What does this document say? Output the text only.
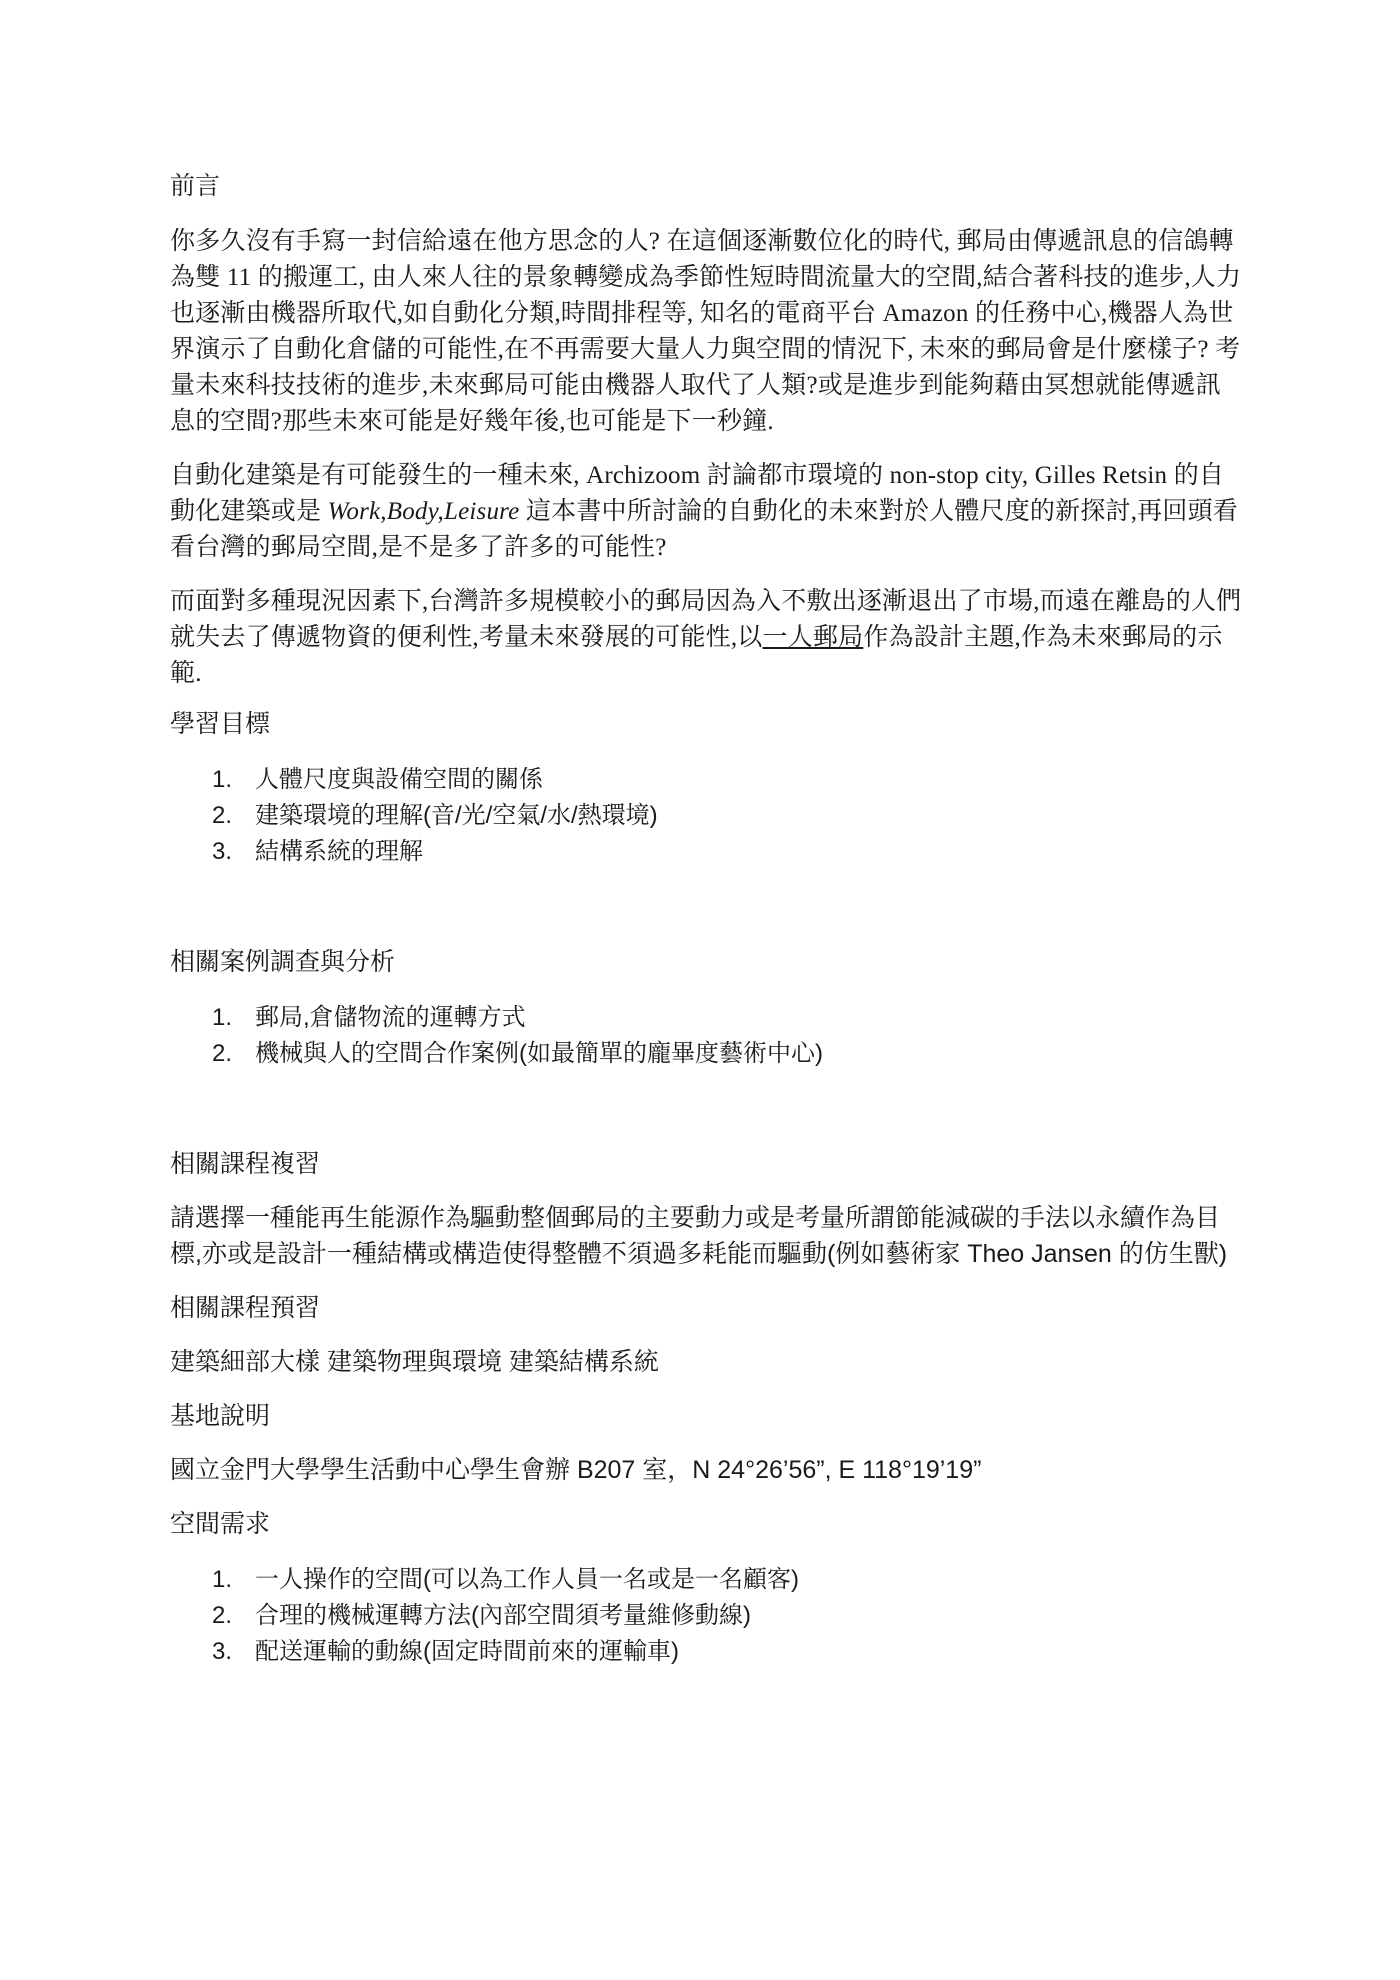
前言

你多久沒有手寫一封信給遠在他方思念的人? 在這個逐漸數位化的時代, 郵局由傳遞訊息的信鴿轉為雙 11 的搬運工, 由人來人往的景象轉變成為季節性短時間流量大的空間,結合著科技的進步,人力也逐漸由機器所取代,如自動化分類,時間排程等, 知名的電商平台 Amazon 的任務中心,機器人為世界演示了自動化倉儲的可能性,在不再需要大量人力與空間的情況下, 未來的郵局會是什麼樣子? 考量未來科技技術的進步,未來郵局可能由機器人取代了人類?或是進步到能夠藉由冥想就能傳遞訊息的空間?那些未來可能是好幾年後,也可能是下一秒鐘.

自動化建築是有可能發生的一種未來, Archizoom 討論都市環境的 non-stop city, Gilles Retsin 的自動化建築或是 Work,Body,Leisure 這本書中所討論的自動化的未來對於人體尺度的新探討,再回頭看看台灣的郵局空間,是不是多了許多的可能性?

而面對多種現況因素下,台灣許多規模較小的郵局因為入不敷出逐漸退出了市場,而遠在離島的人們就失去了傳遞物資的便利性,考量未來發展的可能性,以一人郵局作為設計主題,作為未來郵局的示範.

學習目標
1. 人體尺度與設備空間的關係
2. 建築環境的理解(音/光/空氣/水/熱環境)
3. 結構系統的理解
相關案例調查與分析
1. 郵局,倉儲物流的運轉方式
2. 機械與人的空間合作案例(如最簡單的龐畢度藝術中心)
相關課程複習

請選擇一種能再生能源作為驅動整個郵局的主要動力或是考量所謂節能減碳的手法以永續作為目標,亦或是設計一種結構或構造使得整體不須過多耗能而驅動(例如藝術家 Theo Jansen 的仿生獸)

相關課程預習

建築細部大樣 建築物理與環境 建築結構系統

基地說明

國立金門大學學生活動中心學生會辦 B207 室，N 24°26’56”, E 118°19’19”

空間需求
1. 一人操作的空間(可以為工作人員一名或是一名顧客)
2. 合理的機械運轉方法(內部空間須考量維修動線)
3. 配送運輸的動線(固定時間前來的運輸車)
